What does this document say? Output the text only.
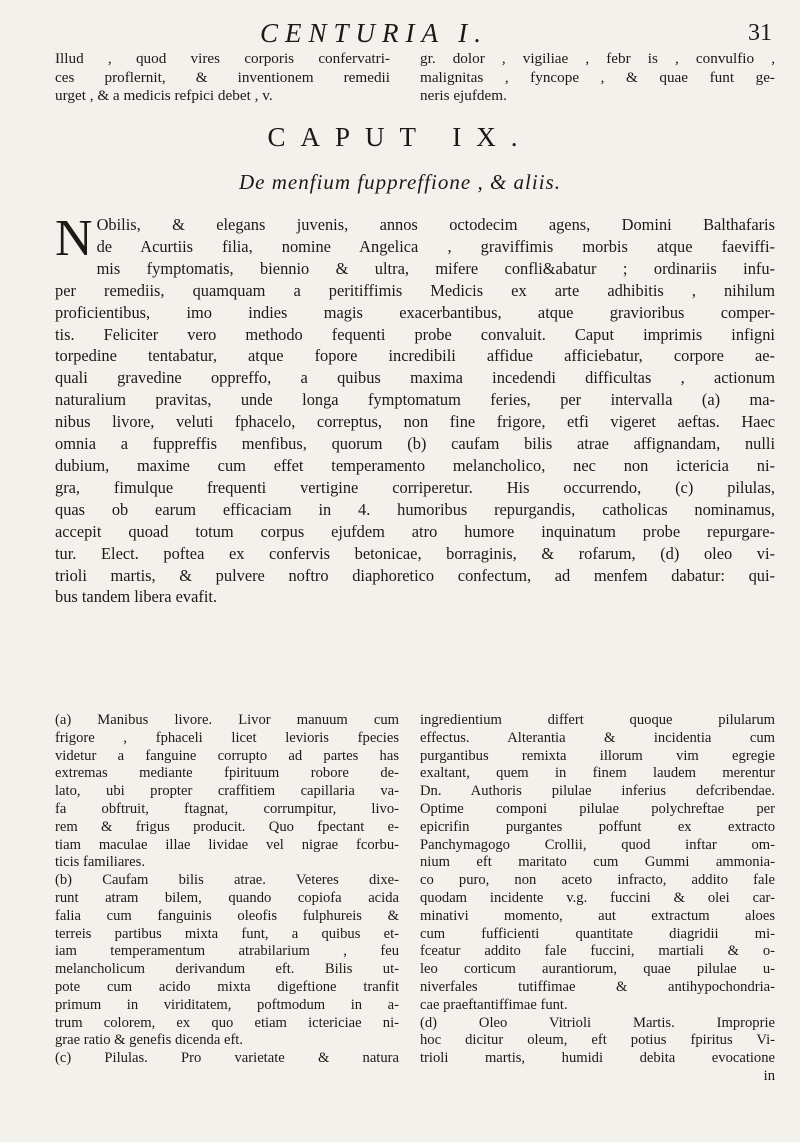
CENTURIA I.	31
Illud , quod vires corporis confervatri-
ces proflernit, & inventionem remedii
urget , & a medicis refpici debet , v.
gr. dolor , vigiliae , febr is , convulfio ,
malignitas , fyncope , & quae funt ge-
neris ejufdem.
CAPUT IX.
De menfium fuppreffione , & aliis.
N Obilis, & elegans juvenis, annos octodecim agens, Domini Balthafaris
de Acurtiis filia, nomine Angelica , graviffimis morbis atque faeviffi-
mis fymptomatis, biennio & ultra, mifere confli&abatur ; ordinariis infu-
per remediis, quamquam a peritiffimis Medicis ex arte adhibitis , nihilum
proficientibus, imo indies magis exacerbantibus, atque gravioribus comper-
tis. Feliciter vero methodo fequenti probe convaluit. Caput imprimis infigni
torpedine tentabatur, atque fopore incredibili affidue afficiebatur, corpore ae-
quali gravedine oppreffo, a quibus maxima incedendi difficultas , actionum
naturalium pravitas, unde longa fymptomatum feries, per intervalla (a) ma-
nibus livore, veluti fphacelo, correptus, non fine frigore, etfi vigeret aeftas. Haec
omnia a fuppreffis menfibus, quorum (b) caufam bilis atrae affignandam, nulli
dubium, maxime cum effet temperamento melancholico, nec non ictericia ni-
gra, fimulque frequenti vertigine corriperetur. His occurrendo, (c) pilulas,
quas ob earum efficaciam in 4. humoribus repurgandis, catholicas nominamus,
accepit quoad totum corpus ejufdem atro humore inquinatum probe repurgare-
tur. Elect. poftea ex confervis betonicae, borraginis, & rofarum, (d) oleo vi-
trioli martis, & pulvere noftro diaphoretico confectum, ad menfem dabatur: qui-
bus tandem libera evafit.
(a) Manibus livore. Livor manuum cum
frigore , fphaceli licet levioris fpecies
videtur a fanguine corrupto ad partes has
extremas mediante fpirituum robore de-
lato, ubi propter craffitiem capillaria va-
fa obftruit, ftagnat, corrumpitur, livo-
rem & frigus producit. Quo fpectant e-
tiam maculae illae lividae vel nigrae fcorbu-
ticis familiares.
(b) Caufam bilis atrae. Veteres dixe-
runt atram bilem, quando copiofa acida
falia cum fanguinis oleofis fulphureis &
terreis partibus mixta funt, a quibus et-
iam temperamentum atrabilarium , feu
melancholicum derivandum eft. Bilis ut-
pote cum acido mixta digeftione tranfit
primum in viriditatem, poftmodum in a-
trum colorem, ex quo etiam ictericiae ni-
grae ratio & genefis dicenda eft.
(c) Pilulas. Pro varietate & natura
ingredientium differt quoque pilularum
effectus. Alterantia & incidentia cum
purgantibus remixta illorum vim egregie
exaltant, quem in finem laudem merentur
Dn. Authoris pilulae inferius defcribendae.
Optime componi pilulae polychreftae per
epicrifin purgantes poffunt ex extracto
Panchymagogo Crollii, quod inftar om-
nium eft maritato cum Gummi ammonia-
co puro, non aceto infracto, addito fale
quodam incidente v.g. fuccini & olei car-
minativi momento, aut extractum aloes
cum fufficienti quantitate diagridii mi-
fceatur addito fale fuccini, martiali & o-
leo corticum aurantiorum, quae pilulae u-
niverfales tutiffimae & antihypochondria-
cae praeftantiffimae funt.
(d) Oleo Vitrioli Martis. Improprie
hoc dicitur oleum, eft potius fpiritus Vi-
trioli martis, humidi debita evocatione
in
